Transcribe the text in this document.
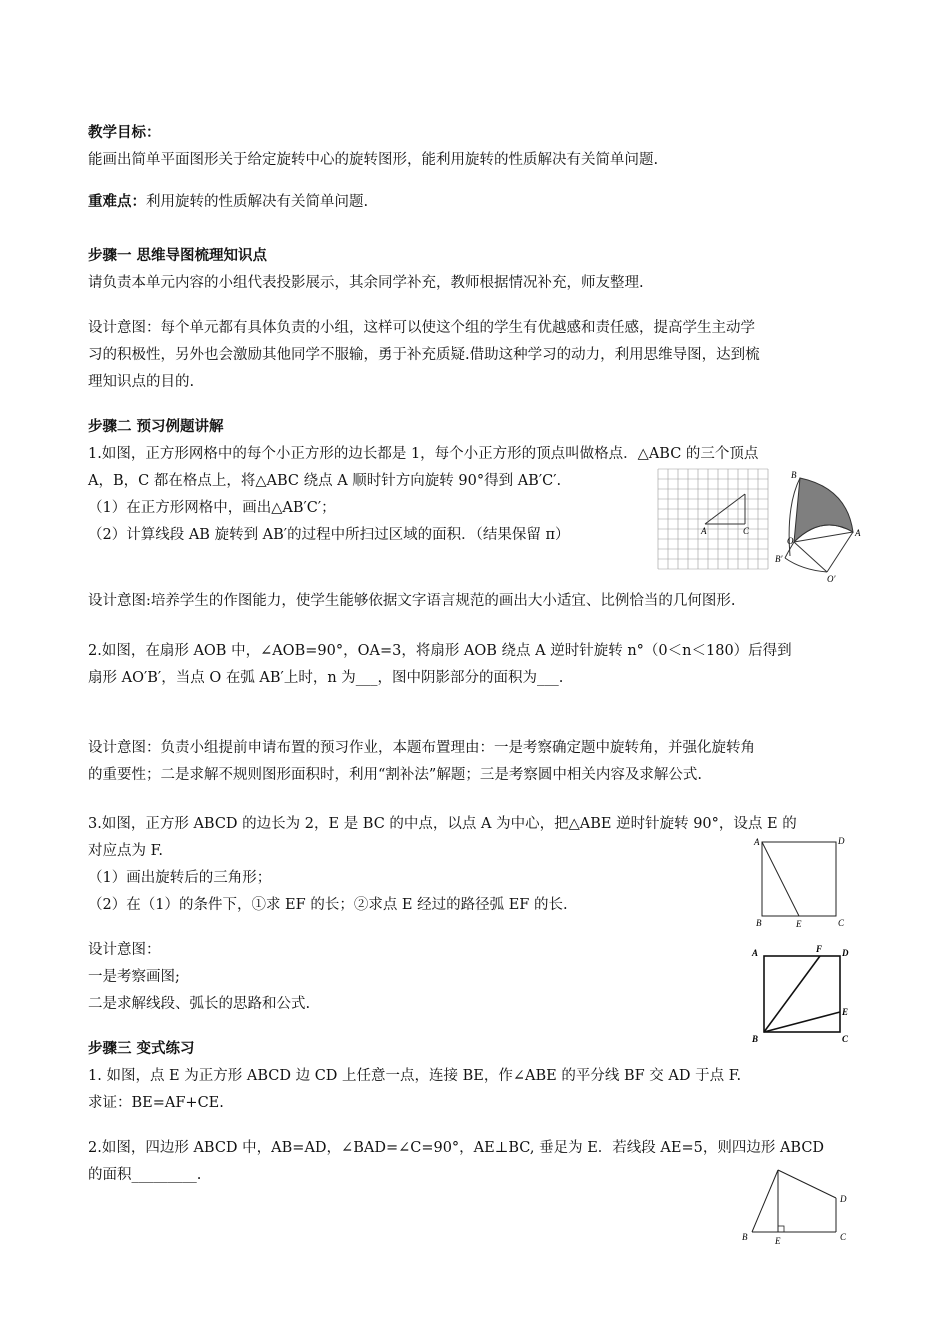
教学目标：
能画出简单平面图形关于给定旋转中心的旋转图形，能利用旋转的性质解决有关简单问题.
重难点：利用旋转的性质解决有关简单问题.
步骤一 思维导图梳理知识点
请负责本单元内容的小组代表投影展示，其余同学补充，教师根据情况补充，师友整理.
设计意图：每个单元都有具体负责的小组，这样可以使这个组的学生有优越感和责任感，提高学生主动学
习的积极性，另外也会激励其他同学不服输，勇于补充质疑.借助这种学习的动力，利用思维导图，达到梳
理知识点的目的.
步骤二 预习例题讲解
1.如图，正方形网格中的每个小正方形的边长都是 1，每个小正方形的顶点叫做格点．△ABC 的三个顶点
A，B，C 都在格点上，将△ABC 绕点 A 顺时针方向旋转 90°得到 AB′C′.
（1）在正方形网格中，画出△AB′C′；
（2）计算线段 AB 旋转到 AB′的过程中所扫过区域的面积．（结果保留 π）
设计意图:培养学生的作图能力，使学生能够依据文字语言规范的画出大小适宜、比例恰当的几何图形.
2.如图，在扇形 AOB 中，∠AOB=90°，OA=3，将扇形 AOB 绕点 A 逆时针旋转 n°（0＜n＜180）后得到
扇形 AO′B′，当点 O 在弧 AB′上时，n 为___，图中阴影部分的面积为___.
设计意图：负责小组提前申请布置的预习作业，本题布置理由：一是考察确定题中旋转角，并强化旋转角
的重要性；二是求解不规则图形面积时，利用“割补法”解题；三是考察圆中相关内容及求解公式.
3.如图，正方形 ABCD 的边长为 2，E 是 BC 的中点，以点 A 为中心，把△ABE 逆时针旋转 90°，设点 E 的
对应点为 F.
（1）画出旋转后的三角形；
（2）在（1）的条件下，①求 EF 的长；②求点 E 经过的路径弧 EF 的长.
设计意图：
一是考察画图;
二是求解线段、弧长的思路和公式.
步骤三 变式练习
1. 如图，点 E 为正方形 ABCD 边 CD 上任意一点，连接 BE，作∠ABE 的平分线 BF 交 AD 于点 F.
求证：BE=AF+CE.
2.如图，四边形 ABCD 中，AB=AD，∠BAD=∠C=90°，AE⊥BC, 垂足为 E．若线段 AE=5，则四边形 ABCD
的面积_________.
A	C
B
O
A
B′
O′
A	D
B	E	C
A	F D
E
B	C
D
B	E	C
